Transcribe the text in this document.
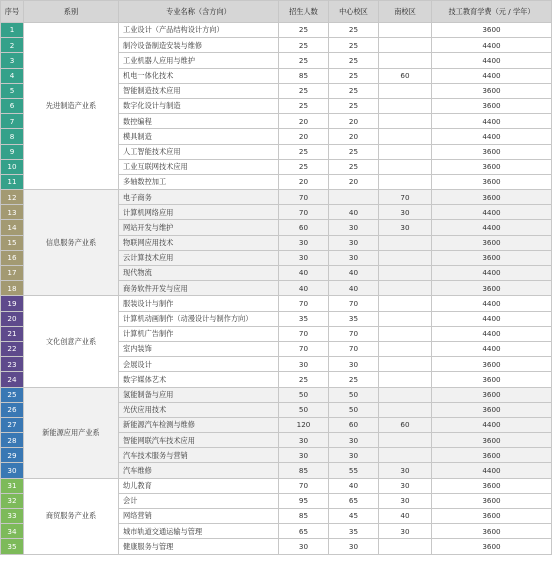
序号	系别	专业名称（含方向）	招生人数	中心校区	南校区	技工教育学费（元 / 学年）
1	先进制造产业系	工业设计（产品结构设计方向）	25	25		3600
2		制冷设备制造安装与维修	25	25		4400
3		工业机器人应用与维护	25	25		4400
4		机电一体化技术	85	25	60	4400
5		智能制造技术应用	25	25		3600
6		数字化设计与制造	25	25		3600
7		数控编程	20	20		4400
8		模具制造	20	20		4400
9		人工智能技术应用	25	25		3600
10		工业互联网技术应用	25	25		3600
11		多轴数控加工	20	20		3600
12	信息服务产业系	电子商务	70		70	3600
13		计算机网络应用	70	40	30	4400
14		网站开发与维护	60	30	30	4400
15		物联网应用技术	30	30		3600
16		云计算技术应用	30	30		3600
17		现代物流	40	40		4400
18		商务软件开发与应用	40	40		3600
19	文化创意产业系	服装设计与制作	70	70		4400
20		计算机动画制作（动漫设计与制作方向）	35	35		4400
21		计算机广告制作	70	70		4400
22		室内装饰	70	70		4400
23		会展设计	30	30		3600
24		数字媒体艺术	25	25		3600
25	新能源应用产业系	氢能制备与应用	50	50		3600
26		光伏应用技术	50	50		3600
27		新能源汽车检测与维修	120	60	60	4400
28		智能网联汽车技术应用	30	30		3600
29		汽车技术服务与营销	30	30		3600
30		汽车维修	85	55	30	4400
31	商贸服务产业系	幼儿教育	70	40	30	3600
32		会计	95	65	30	3600
33		网络营销	85	45	40	3600
34		城市轨道交通运输与管理	65	35	30	3600
35		健康服务与管理	30	30		3600
